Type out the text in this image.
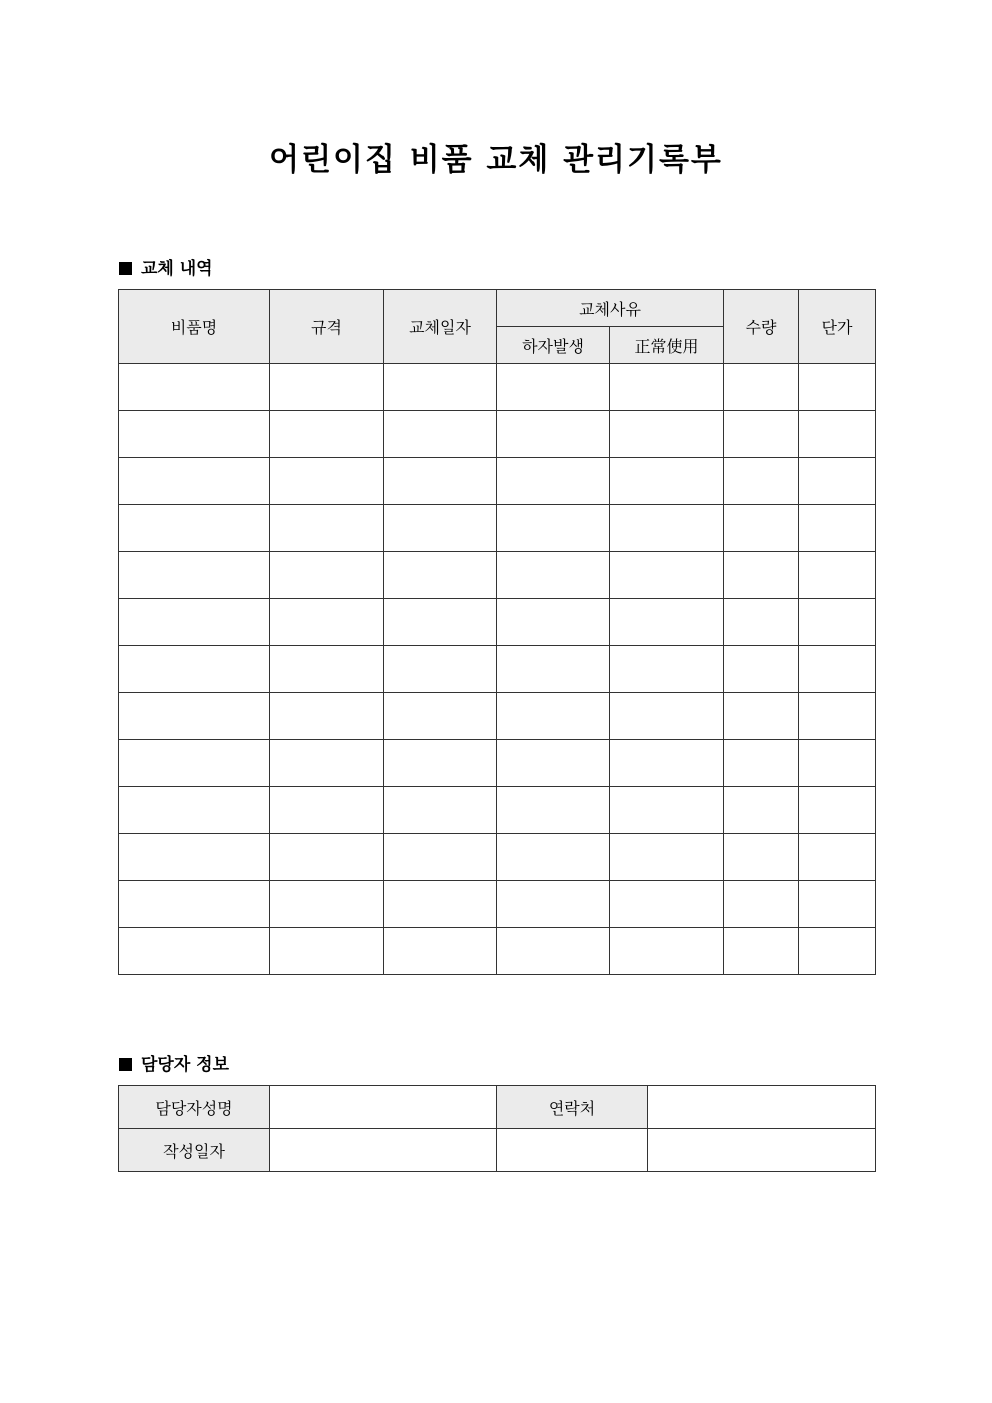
어린이집 비품 교체 관리기록부
교체 내역
비품명	규격	교체일자	교체사유		수량	단가
			하자발생	正常使用		

담당자 정보
담당자성명		연락처	
작성일자			
